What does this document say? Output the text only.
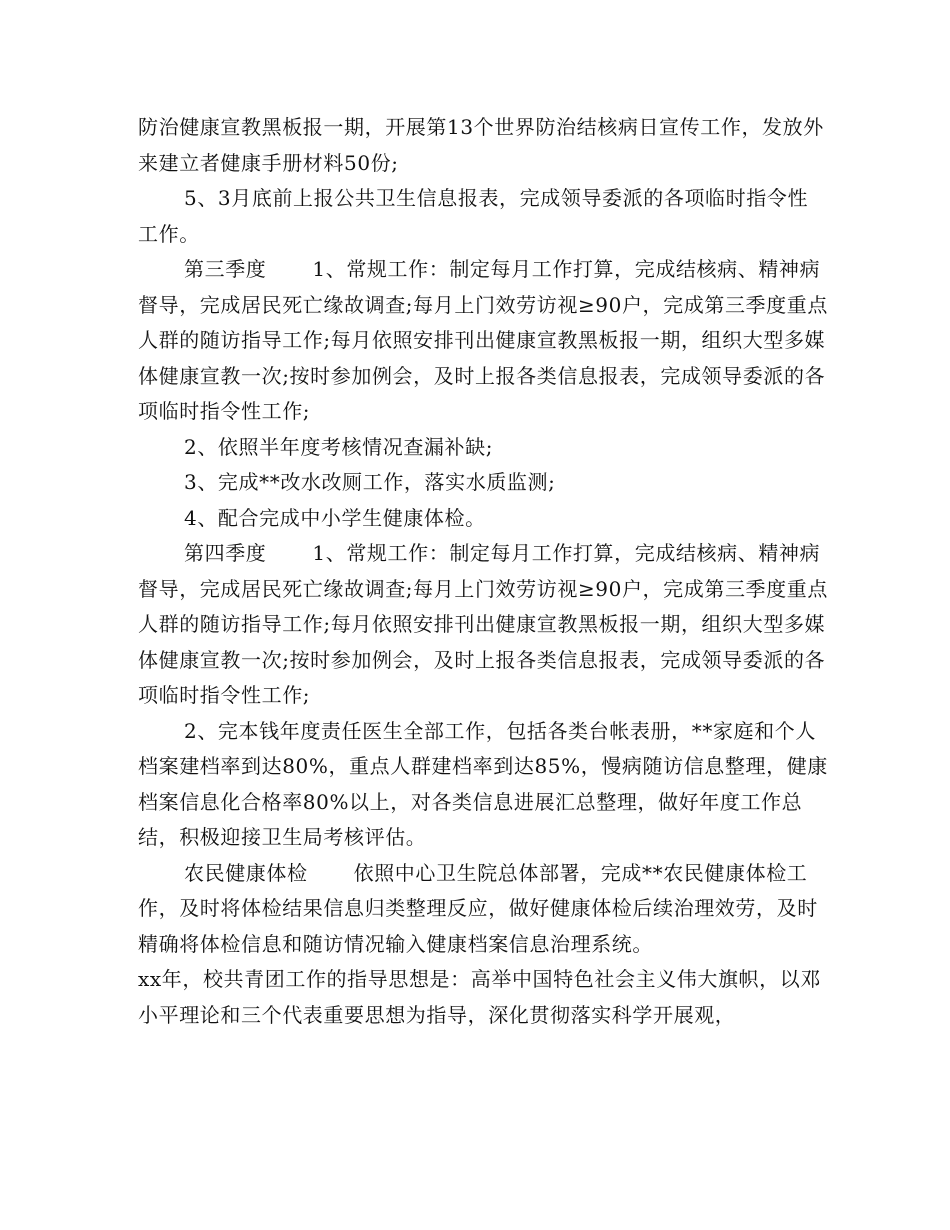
防治健康宣教黑板报一期，开展第13个世界防治结核病日宣传工作，发放外来建立者健康手册材料50份;

5、3月底前上报公共卫生信息报表，完成领导委派的各项临时指令性工作。

第三季度 1、常规工作：制定每月工作打算，完成结核病、精神病督导，完成居民死亡缘故调查;每月上门效劳访视≥90户，完成第三季度重点人群的随访指导工作;每月依照安排刊出健康宣教黑板报一期，组织大型多媒体健康宣教一次;按时参加例会，及时上报各类信息报表，完成领导委派的各项临时指令性工作;

2、依照半年度考核情况查漏补缺;

3、完成**改水改厕工作，落实水质监测;

4、配合完成中小学生健康体检。

第四季度 1、常规工作：制定每月工作打算，完成结核病、精神病督导，完成居民死亡缘故调查;每月上门效劳访视≥90户，完成第三季度重点人群的随访指导工作;每月依照安排刊出健康宣教黑板报一期，组织大型多媒体健康宣教一次;按时参加例会，及时上报各类信息报表，完成领导委派的各项临时指令性工作;

2、完本钱年度责任医生全部工作，包括各类台帐表册，**家庭和个人档案建档率到达80%，重点人群建档率到达85%，慢病随访信息整理，健康档案信息化合格率80%以上，对各类信息进展汇总整理，做好年度工作总结，积极迎接卫生局考核评估。

农民健康体检 依照中心卫生院总体部署，完成**农民健康体检工作，及时将体检结果信息归类整理反应，做好健康体检后续治理效劳，及时精确将体检信息和随访情况输入健康档案信息治理系统。

xx年，校共青团工作的指导思想是：高举中国特色社会主义伟大旗帜，以邓小平理论和三个代表重要思想为指导，深化贯彻落实科学开展观，
